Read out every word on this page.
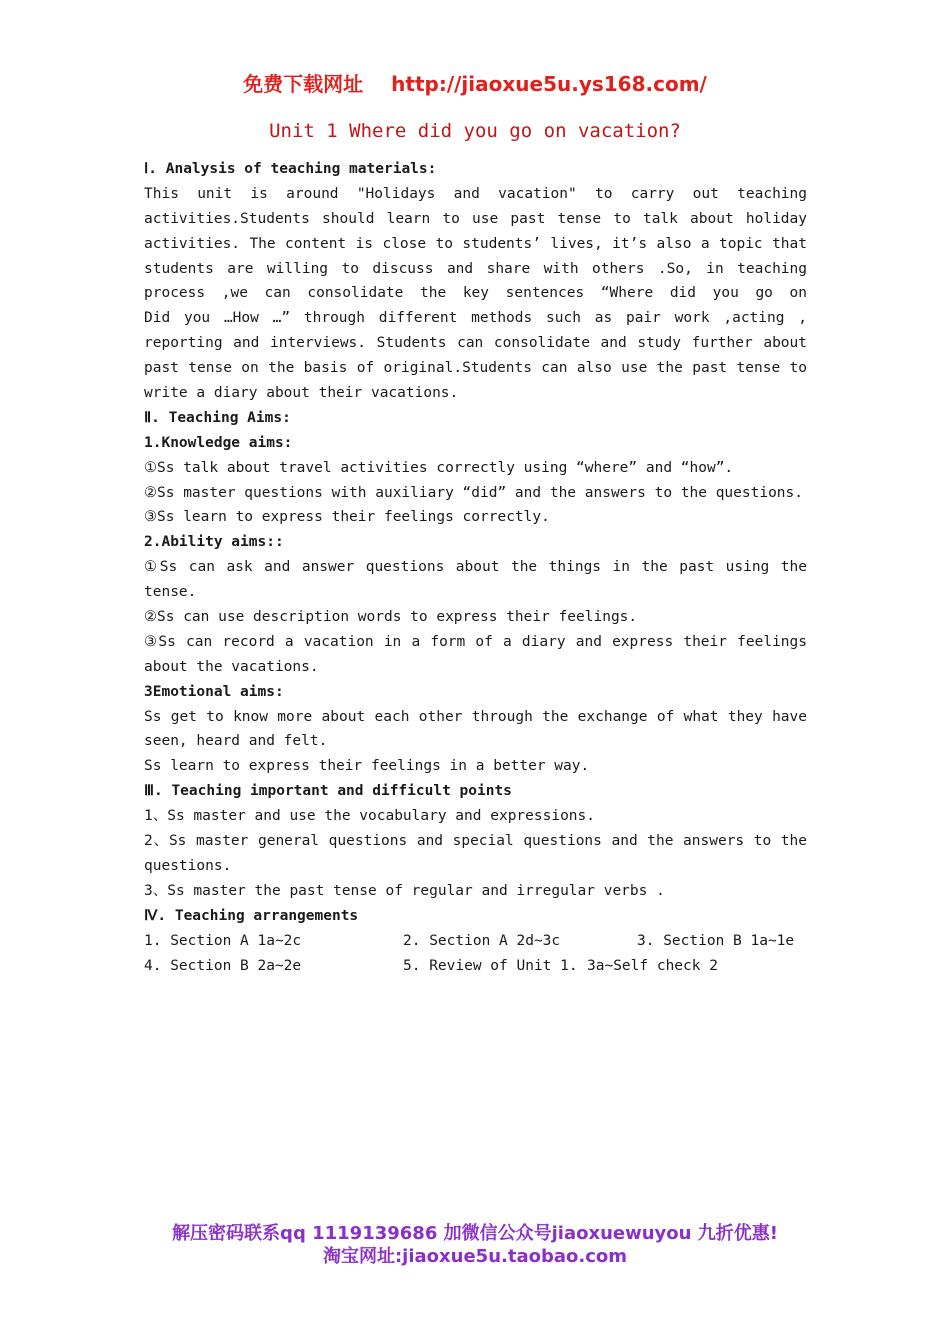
免费下载网址 http://jiaoxue5u.ys168.com/
Unit 1 Where did you go on vacation?
Ⅰ. Analysis of teaching materials:
This unit is around "Holidays and vacation" to carry out teaching
activities.Students should learn to use past tense to talk about holiday
activities. The content is close to students’ lives, it’s also a topic that
students are willing to discuss and share with others .So, in teaching
process ,we can consolidate the key sentences “Where did you go on
Did you …How …” through different methods such as pair work ,acting ,
reporting and interviews. Students can consolidate and study further about
past tense on the basis of original.Students can also use the past tense to
write a diary about their vacations.
Ⅱ. Teaching Aims:
1.Knowledge aims:
①Ss talk about travel activities correctly using “where” and “how”.
②Ss master questions with auxiliary “did” and the answers to the questions.
③Ss learn to express their feelings correctly.
2.Ability aims::
①Ss can ask and answer questions about the things in the past using the
tense.
②Ss can use description words to express their feelings.
③Ss can record a vacation in a form of a diary and express their feelings
about the vacations.
3Emotional aims:
Ss get to know more about each other through the exchange of what they have
seen, heard and felt.
Ss learn to express their feelings in a better way.
Ⅲ. Teaching important and difficult points
1、Ss master and use the vocabulary and expressions.
2、Ss master general questions and special questions and the answers to the
questions.
3、Ss master the past tense of regular and irregular verbs .
Ⅳ. Teaching arrangements
1. Section A 1a~2c	2. Section A 2d~3c	3. Section B 1a~1e
4. Section B 2a~2e	5. Review of Unit 1. 3a~Self check 2
解压密码联系qq 1119139686 加微信公众号jiaoxuewuyou 九折优惠!
淘宝网址:jiaoxue5u.taobao.com
